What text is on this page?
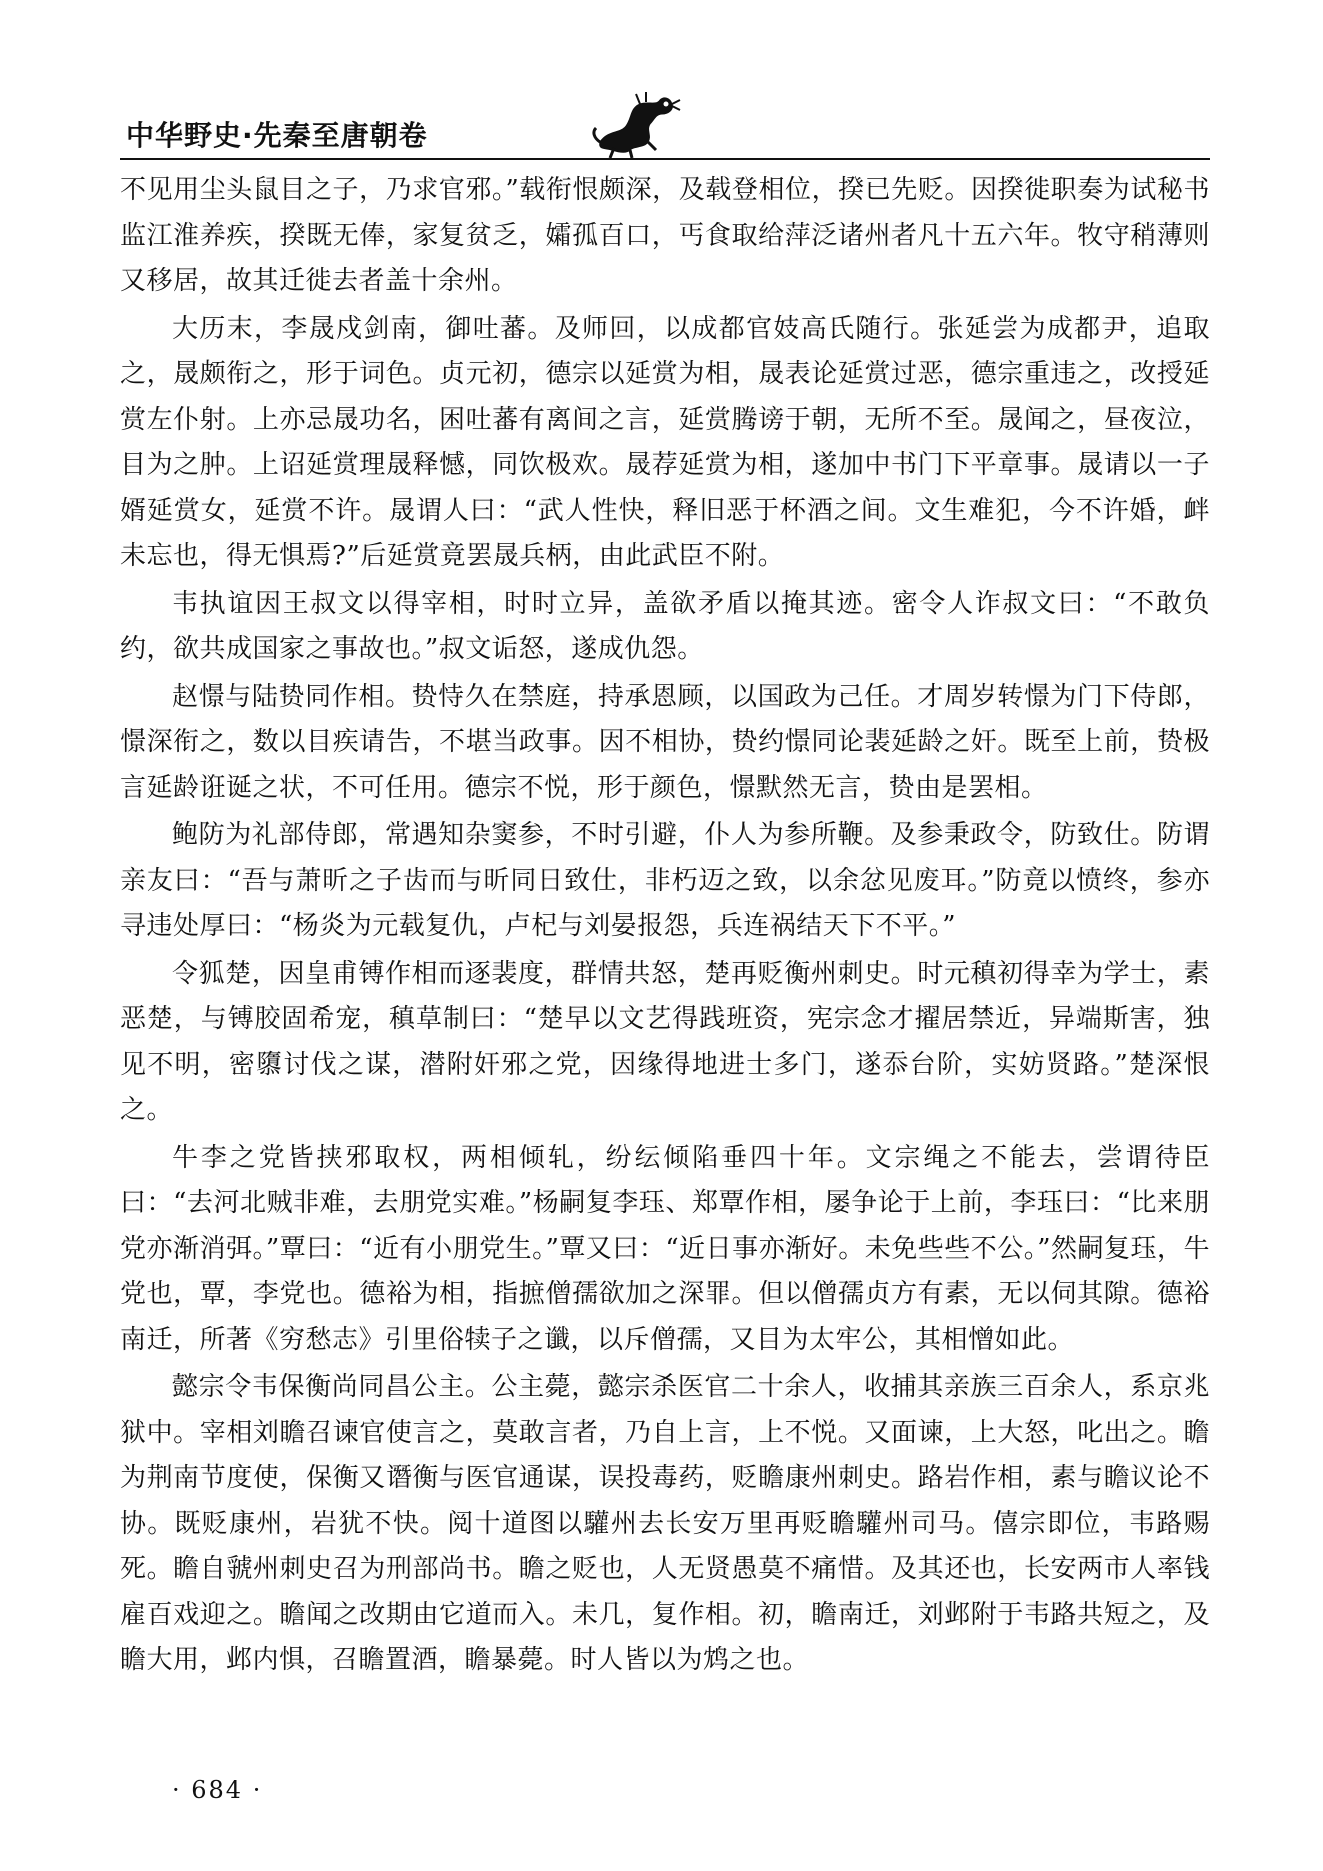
中华野史·先秦至唐朝卷

不见用尘头鼠目之子，乃求官邪。”载衔恨颇深，及载登相位，揆已先贬。因揆徙职奏为试秘书监江淮养疾，揆既无俸，家复贫乏，孀孤百口，丐食取给萍泛诸州者凡十五六年。牧守稍薄则又移居，故其迁徙去者盖十余州。

大历末，李晟戍剑南，御吐蕃。及师回，以成都官妓高氏随行。张延尝为成都尹，追取之，晟颇衔之，形于词色。贞元初，德宗以延赏为相，晟表论延赏过恶，德宗重违之，改授延赏左仆射。上亦忌晟功名，困吐蕃有离间之言，延赏腾谤于朝，无所不至。晟闻之，昼夜泣，目为之肿。上诏延赏理晟释憾，同饮极欢。晟荐延赏为相，遂加中书门下平章事。晟请以一子婿延赏女，延赏不许。晟谓人曰：“武人性快，释旧恶于杯酒之间。文生难犯，今不许婚，衅未忘也，得无惧焉?”后延赏竟罢晟兵柄，由此武臣不附。

韦执谊因王叔文以得宰相，时时立异，盖欲矛盾以掩其迹。密令人诈叔文曰：“不敢负约，欲共成国家之事故也。”叔文诟怒，遂成仇怨。

赵憬与陆贽同作相。贽恃久在禁庭，持承恩顾，以国政为己任。才周岁转憬为门下侍郎，憬深衔之，数以目疾请告，不堪当政事。因不相协，贽约憬同论裴延龄之奸。既至上前，贽极言延龄诳诞之状，不可任用。德宗不悦，形于颜色，憬默然无言，贽由是罢相。

鲍防为礼部侍郎，常遇知杂窦参，不时引避，仆人为参所鞭。及参秉政令，防致仕。防谓亲友曰：“吾与萧昕之子齿而与昕同日致仕，非朽迈之致，以余忿见废耳。”防竟以愤终，参亦寻违处厚曰：“杨炎为元载复仇，卢杞与刘晏报怨，兵连祸结天下不平。”

令狐楚，因皇甫镈作相而逐裴度，群情共怒，楚再贬衡州刺史。时元稹初得幸为学士，素恶楚，与镈胶固希宠，稹草制曰：“楚早以文艺得践班资，宪宗念才擢居禁近，异端斯害，独见不明，密隳讨伐之谋，潜附奸邪之党，因缘得地进士多门，遂忝台阶，实妨贤路。”楚深恨之。

牛李之党皆挟邪取权，两相倾轧，纷纭倾陷垂四十年。文宗绳之不能去，尝谓待臣曰：“去河北贼非难，去朋党实难。”杨嗣复李珏、郑覃作相，屡争论于上前，李珏曰：“比来朋党亦渐消弭。”覃曰：“近有小朋党生。”覃又曰：“近日事亦渐好。未免些些不公。”然嗣复珏，牛党也，覃，李党也。德裕为相，指摭僧孺欲加之深罪。但以僧孺贞方有素，无以伺其隙。德裕南迁，所著《穷愁志》引里俗犊子之谶，以斥僧孺，又目为太牢公，其相憎如此。

懿宗令韦保衡尚同昌公主。公主薨，懿宗杀医官二十余人，收捕其亲族三百余人，系京兆狱中。宰相刘瞻召谏官使言之，莫敢言者，乃自上言，上不悦。又面谏，上大怒，叱出之。瞻为荆南节度使，保衡又谮衡与医官通谋，误投毒药，贬瞻康州刺史。路岩作相，素与瞻议论不协。既贬康州，岩犹不快。阅十道图以驩州去长安万里再贬瞻驩州司马。僖宗即位，韦路赐死。瞻自虢州刺史召为刑部尚书。瞻之贬也，人无贤愚莫不痛惜。及其还也，长安两市人率钱雇百戏迎之。瞻闻之改期由它道而入。未几，复作相。初，瞻南迁，刘邺附于韦路共短之，及瞻大用，邺内惧，召瞻置酒，瞻暴薨。时人皆以为鸩之也。

· 684 ·
